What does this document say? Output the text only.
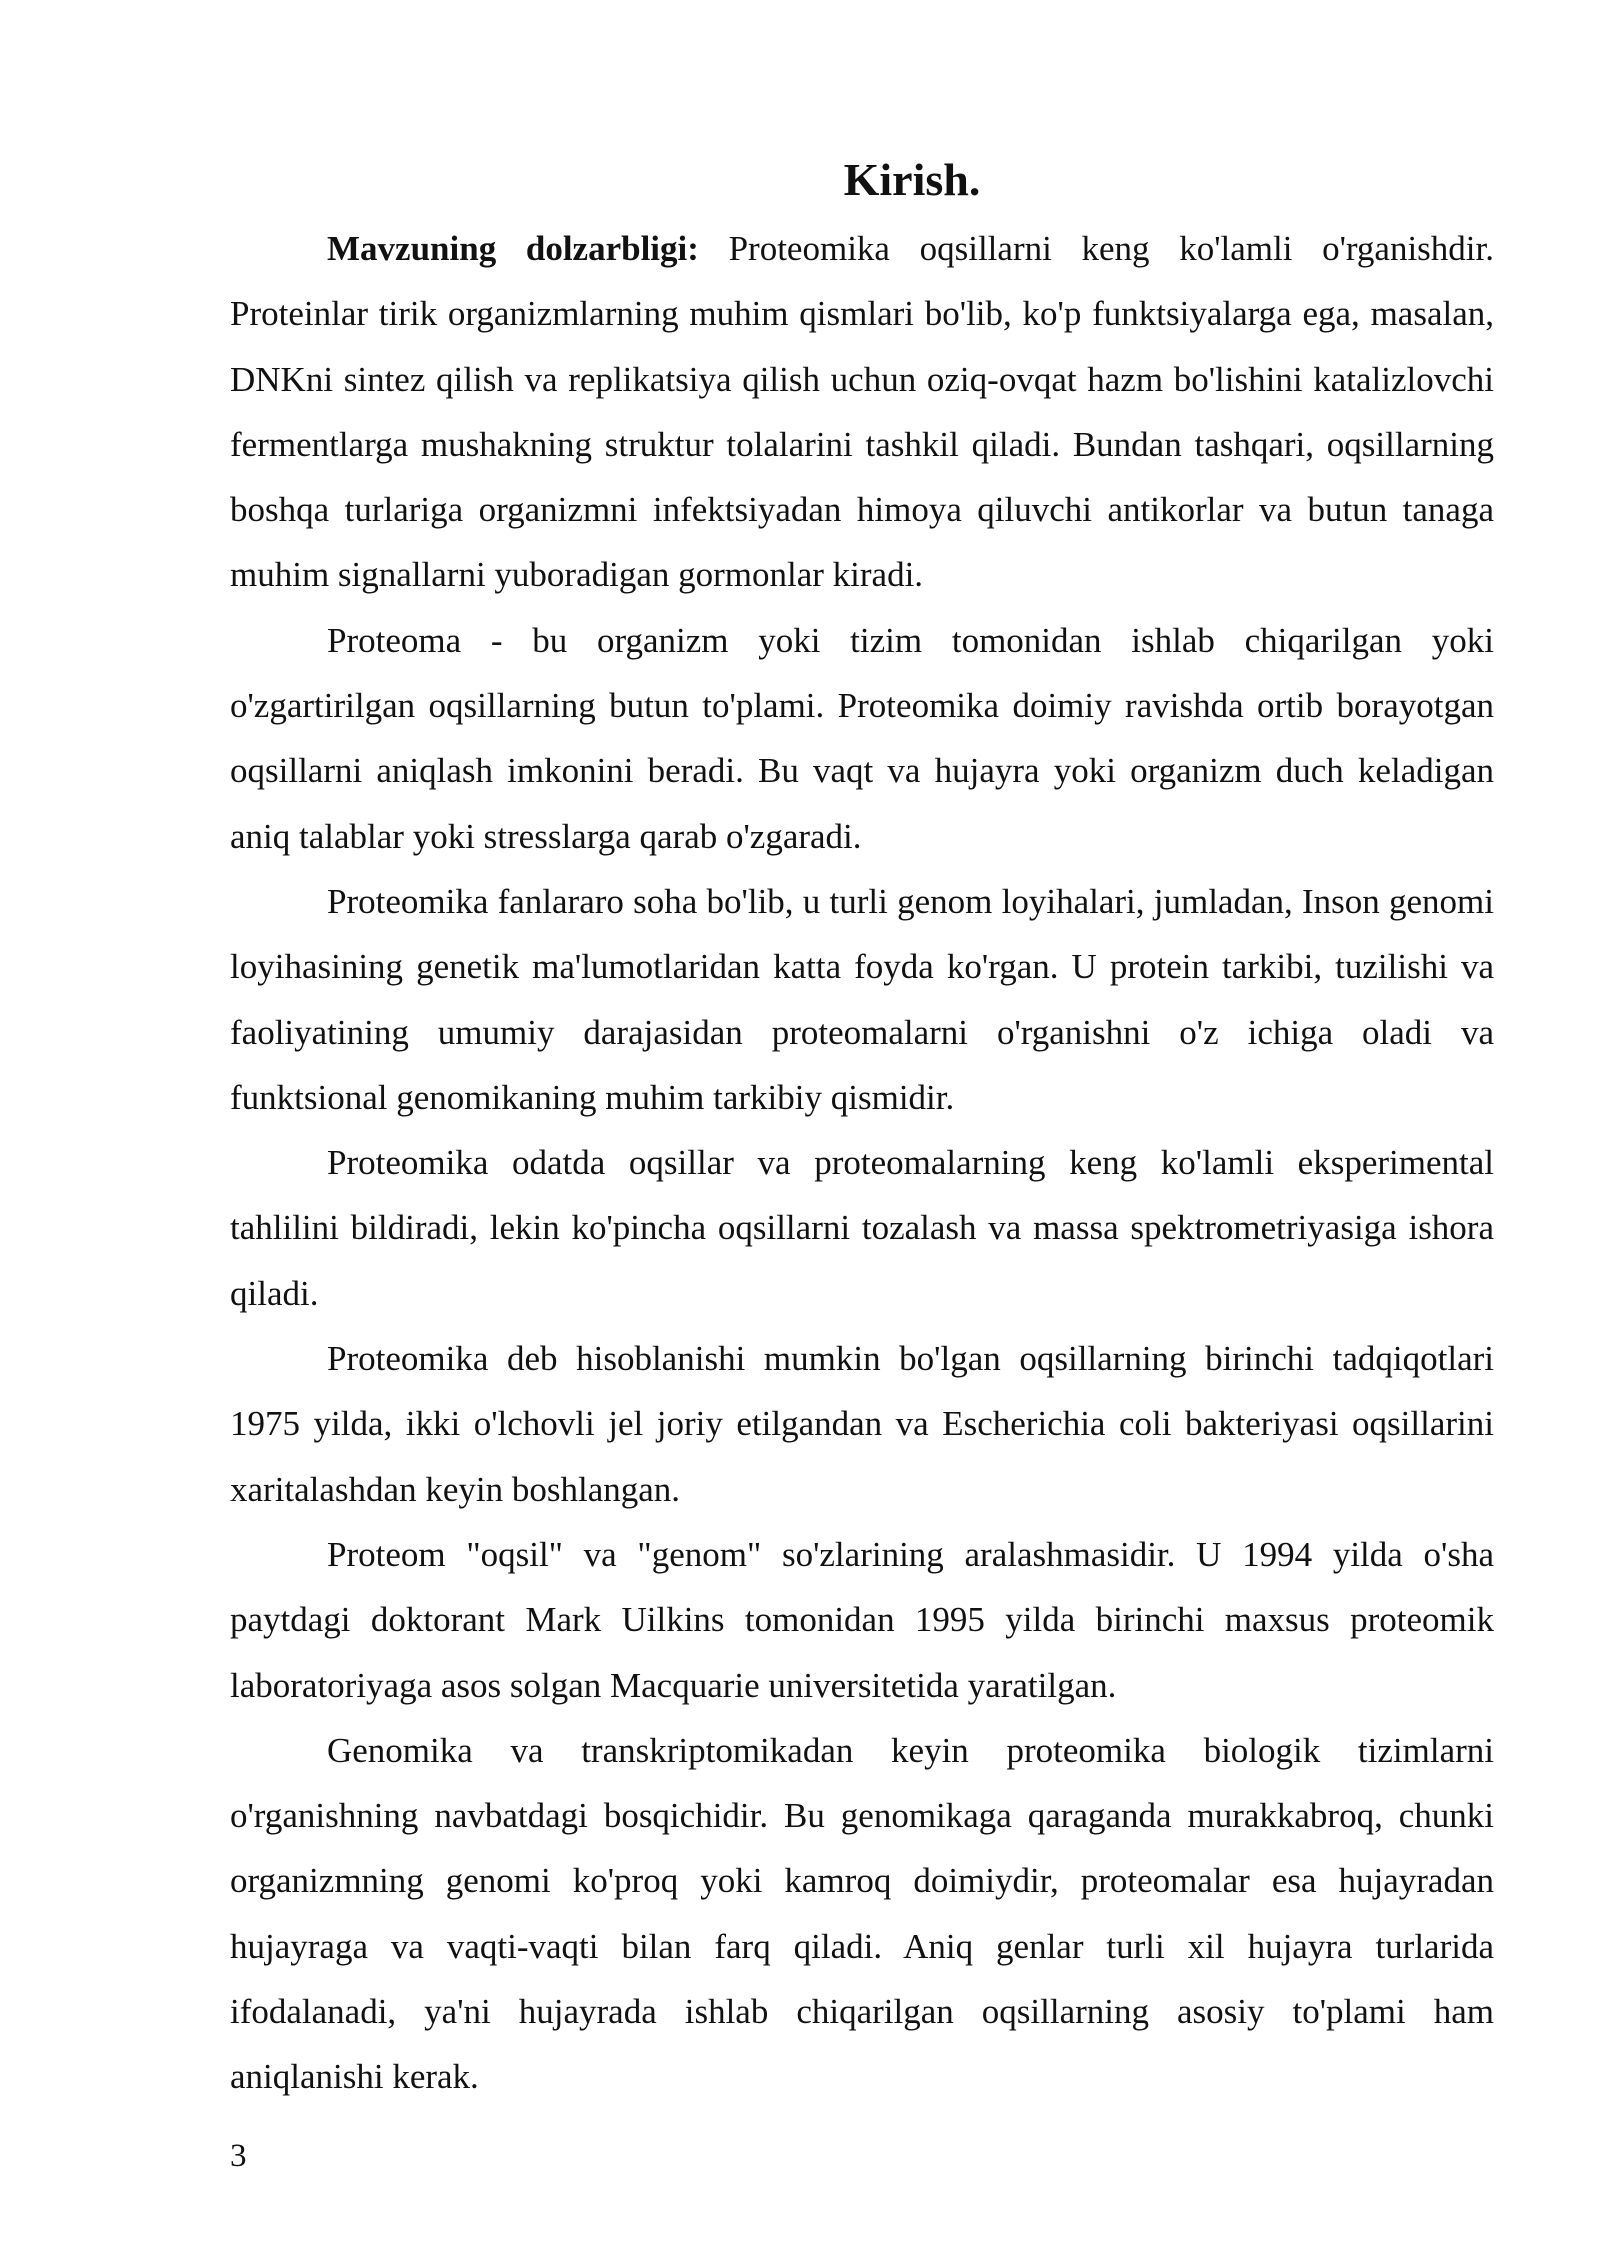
Kirish.

Mavzuning dolzarbligi: Proteomika oqsillarni keng ko'lamli o'rganishdir. Proteinlar tirik organizmlarning muhim qismlari bo'lib, ko'p funktsiyalarga ega, masalan, DNKni sintez qilish va replikatsiya qilish uchun oziq-ovqat hazm bo'lishini katalizlovchi fermentlarga mushakning struktur tolalarini tashkil qiladi. Bundan tashqari, oqsillarning boshqa turlariga organizmni infektsiyadan himoya qiluvchi antikorlar va butun tanaga muhim signallarni yuboradigan gormonlar kiradi.

Proteoma - bu organizm yoki tizim tomonidan ishlab chiqarilgan yoki o'zgartirilgan oqsillarning butun to'plami. Proteomika doimiy ravishda ortib borayotgan oqsillarni aniqlash imkonini beradi. Bu vaqt va hujayra yoki organizm duch keladigan aniq talablar yoki stresslarga qarab o'zgaradi.

Proteomika fanlararo soha bo'lib, u turli genom loyihalari, jumladan, Inson genomi loyihasining genetik ma'lumotlaridan katta foyda ko'rgan. U protein tarkibi, tuzilishi va faoliyatining umumiy darajasidan proteomalarni o'rganishni o'z ichiga oladi va funktsional genomikaning muhim tarkibiy qismidir.

Proteomika odatda oqsillar va proteomalarning keng ko'lamli eksperimental tahlilini bildiradi, lekin ko'pincha oqsillarni tozalash va massa spektrometriyasiga ishora qiladi.

Proteomika deb hisoblanishi mumkin bo'lgan oqsillarning birinchi tadqiqotlari 1975 yilda, ikki o'lchovli jel joriy etilgandan va Escherichia coli bakteriyasi oqsillarini xaritalashdan keyin boshlangan.

Proteom "oqsil" va "genom" so'zlarining aralashmasidir. U 1994 yilda o'sha paytdagi doktorant Mark Uilkins tomonidan 1995 yilda birinchi maxsus proteomik laboratoriyaga asos solgan Macquarie universitetida yaratilgan.

Genomika va transkriptomikadan keyin proteomika biologik tizimlarni o'rganishning navbatdagi bosqichidir. Bu genomikaga qaraganda murakkabroq, chunki organizmning genomi ko'proq yoki kamroq doimiydir, proteomalar esa hujayradan hujayraga va vaqti-vaqti bilan farq qiladi. Aniq genlar turli xil hujayra turlarida ifodalanadi, ya'ni hujayrada ishlab chiqarilgan oqsillarning asosiy to'plami ham aniqlanishi kerak.

3
